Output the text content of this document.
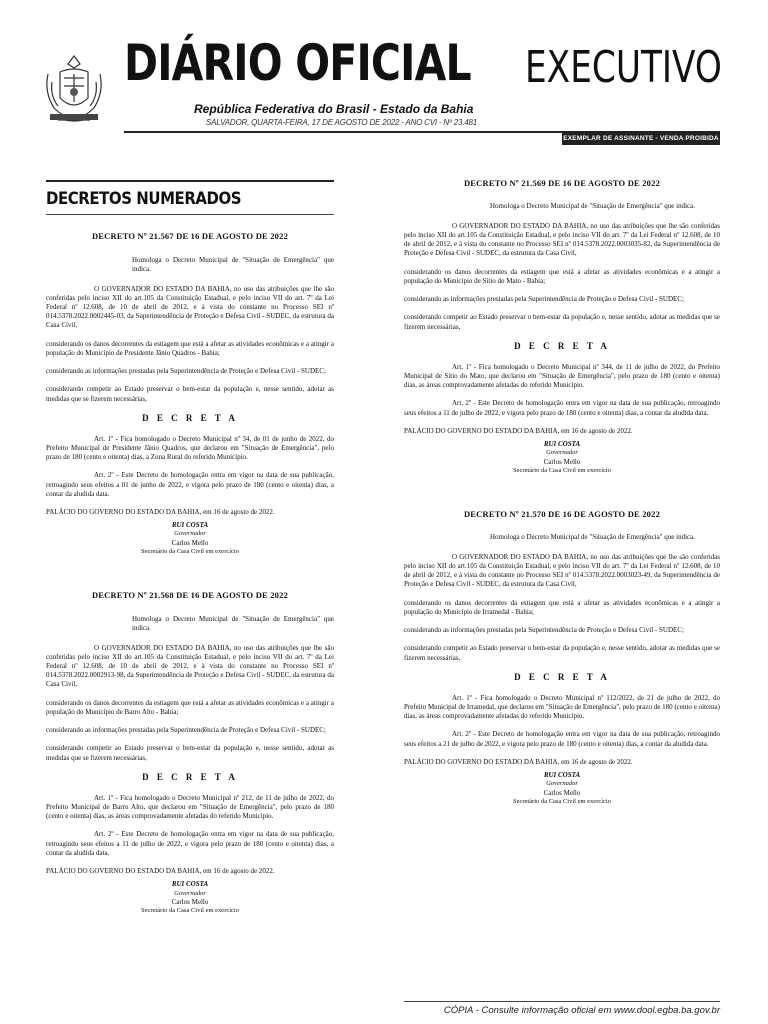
DIÁRIO OFICIAL EXECUTIVO
República Federativa do Brasil - Estado da Bahia
SALVADOR, QUARTA-FEIRA, 17 DE AGOSTO DE 2022 - ANO CVI - Nº 23.481
EXEMPLAR DE ASSINANTE - VENDA PROIBIDA
DECRETOS NUMERADOS
DECRETO Nº 21.567 DE 16 DE AGOSTO DE 2022
Homologa o Decreto Municipal de "Situação de Emergência" que indica.
O GOVERNADOR DO ESTADO DA BAHIA, no uso das atribuições que lhe são conferidas pelo inciso XII do art.105 da Constituição Estadual, e pelo inciso VII do art. 7º da Lei Federal nº 12.608, de 10 de abril de 2012, e à vista do constante no Processo SEI nº 014.5378.2022.0002445-03, da Superintendência de Proteção e Defesa Civil - SUDEC, da estrutura da Casa Civil,
considerando os danos decorrentes da estiagem que está a afetar as atividades econômicas e a atingir a população do Município de Presidente Jânio Quadros - Bahia;
considerando as informações prestadas pela Superintendência de Proteção e Defesa Civil - SUDEC;
considerando competir ao Estado preservar o bem-estar da população e, nesse sentido, adotar as medidas que se fizerem necessárias,
D E C R E T A
Art. 1º - Fica homologado o Decreto Municipal nº 34, de 01 de junho de 2022, do Prefeito Municipal de Presidente Jânio Quadros, que declarou em "Situação de Emergência", pelo prazo de 180 (cento e oitenta) dias, a Zona Rural do referido Município.
Art. 2º - Este Decreto de homologação entra em vigor na data de sua publicação, retroagindo seus efeitos a 01 de junho de 2022, e vigora pelo prazo de 180 (cento e oitenta) dias, a contar da aludida data.
PALÁCIO DO GOVERNO DO ESTADO DA BAHIA, em 16 de agosto de 2022.
RUI COSTA
Governador
Carlos Mello
Secretário da Casa Civil em exercício
DECRETO Nº 21.568 DE 16 DE AGOSTO DE 2022
Homologa o Decreto Municipal de "Situação de Emergência" que indica.
O GOVERNADOR DO ESTADO DA BAHIA, no uso das atribuições que lhe são conferidas pelo inciso XII do art.105 da Constituição Estadual, e pelo inciso VII do art. 7º da Lei Federal nº 12.608, de 10 de abril de 2012, e à vista do constante no Processo SEI nº 014.5378.2022.0002913-98, da Superintendência de Proteção e Defesa Civil - SUDEC, da estrutura da Casa Civil,
considerando os danos decorrentes da estiagem que está a afetar as atividades econômicas e a atingir a população do Município de Barro Alto - Bahia;
considerando as informações prestadas pela Superintendência de Proteção e Defesa Civil - SUDEC;
considerando competir ao Estado preservar o bem-estar da população e, nesse sentido, adotar as medidas que se fizerem necessárias,
D E C R E T A
Art. 1º - Fica homologado o Decreto Municipal nº 212, de 11 de julho de 2022, do Prefeito Municipal de Barro Alto, que declarou em "Situação de Emergência", pelo prazo de 180 (cento e oitenta) dias, as áreas comprovadamente afetadas do referido Município.
Art. 2º - Este Decreto de homologação entra em vigor na data de sua publicação, retroagindo seus efeitos a 11 de julho de 2022, e vigora pelo prazo de 180 (cento e oitenta) dias, a contar da aludida data.
PALÁCIO DO GOVERNO DO ESTADO DA BAHIA, em 16 de agosto de 2022.
RUI COSTA
Governador
Carlos Mello
Secretário da Casa Civil em exercício
DECRETO Nº 21.569 DE 16 DE AGOSTO DE 2022
Homologa o Decreto Municipal de "Situação de Emergência" que indica.
O GOVERNADOR DO ESTADO DA BAHIA, no uso das atribuições que lhe são conferidas pelo inciso XII do art.105 da Constituição Estadual, e pelo inciso VII do art. 7º da Lei Federal nº 12.608, de 10 de abril de 2012, e à vista do constante no Processo SEI nº 014.5378.2022.0003035-82, da Superintendência de Proteção e Defesa Civil - SUDEC, da estrutura da Casa Civil,
considerando os danos decorrentes da estiagem que está a afetar as atividades econômicas e a atingir a população do Município de Sítio do Mato - Bahia;
considerando as informações prestadas pela Superintendência de Proteção e Defesa Civil - SUDEC;
considerando competir ao Estado preservar o bem-estar da população e, nesse sentido, adotar as medidas que se fizerem necessárias,
D E C R E T A
Art. 1º - Fica homologado o Decreto Municipal nº 344, de 11 de julho de 2022, do Prefeito Municipal de Sítio do Mato, que declarou em "Situação de Emergência", pelo prazo de 180 (cento e oitenta) dias, as áreas comprovadamente afetadas do referido Município.
Art. 2º - Este Decreto de homologação entra em vigor na data de sua publicação, retroagindo seus efeitos a 11 de julho de 2022, e vigora pelo prazo de 180 (cento e oitenta) dias, a contar da aludida data.
PALÁCIO DO GOVERNO DO ESTADO DA BAHIA, em 16 de agosto de 2022.
RUI COSTA
Governador
Carlos Mello
Secretário da Casa Civil em exercício
DECRETO Nº 21.570 DE 16 DE AGOSTO DE 2022
Homologa o Decreto Municipal de "Situação de Emergência" que indica.
O GOVERNADOR DO ESTADO DA BAHIA, no uso das atribuições que lhe são conferidas pelo inciso XII do art.105 da Constituição Estadual, e pelo inciso VII do art. 7º da Lei Federal nº 12.608, de 10 de abril de 2012, e à vista do constante no Processo SEI nº 014.5378.2022.0003023-49, da Superintendência de Proteção e Defesa Civil - SUDEC, da estrutura da Casa Civil,
considerando os danos decorrentes da estiagem que está a afetar as atividades econômicas e a atingir a população do Município de Irramedal - Bahia;
considerando as informações prestadas pela Superintendência de Proteção e Defesa Civil - SUDEC;
considerando competir ao Estado preservar o bem-estar da população e, nesse sentido, adotar as medidas que se fizerem necessárias,
D E C R E T A
Art. 1º - Fica homologado o Decreto Municipal nº 112/2022, de 21 de julho de 2022, do Prefeito Municipal de Irramedal, que declarou em "Situação de Emergência", pelo prazo de 180 (cento e oitenta) dias, as áreas comprovadamente afetadas do referido Município.
Art. 2º - Este Decreto de homologação entra em vigor na data de sua publicação, retroagindo seus efeitos a 21 de julho de 2022, e vigora pelo prazo de 180 (cento e oitenta) dias, a contar da aludida data.
PALÁCIO DO GOVERNO DO ESTADO DA BAHIA, em 16 de agosto de 2022.
RUI COSTA
Governador
Carlos Mello
Secretário da Casa Civil em exercício
CÓPIA - Consulte informação oficial em www.dool.egba.ba.gov.br
